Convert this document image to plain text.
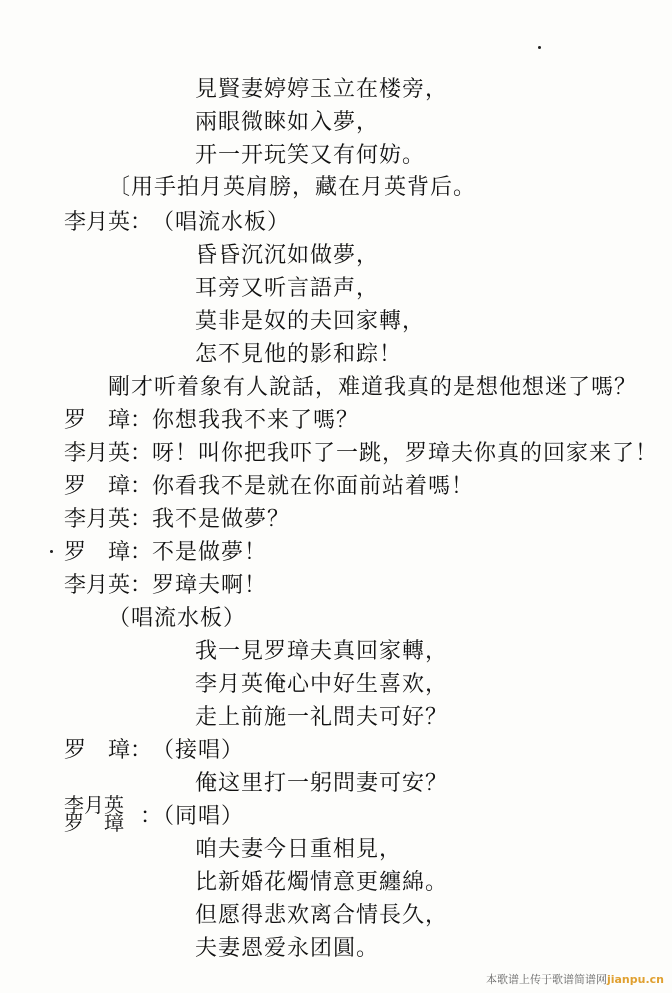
見賢妻婷婷玉立在楼旁，
兩眼微睞如入夢，
开一开玩笑又有何妨。
〔用手拍月英肩膀，藏在月英背后。
李月英： （唱流水板）
昏昏沉沉如做夢，
耳旁又听言語声，
莫非是奴的夫回家轉，
怎不見他的影和踪！
剛才听着象有人說話，难道我真的是想他想迷了嗎？
罗　璋： 你想我我不来了嗎？
李月英： 呀！叫你把我吓了一跳，罗璋夫你真的回家来了！
罗　璋： 你看我不是就在你面前站着嗎！
李月英： 我不是做夢？
罗　璋： 不是做夢！
李月英： 罗璋夫啊！
（唱流水板）
我一見罗璋夫真回家轉，
李月英俺心中好生喜欢，
走上前施一礼問夫可好？
罗　璋： （接唱）
俺这里打一躬問妻可安？
李月英
罗　璋 ：（同唱）
咱夫妻今日重相見，
比新婚花燭情意更纏綿。
但愿得悲欢离合情長久，
夫妻恩爱永团圓。
本歌谱上传于歌谱简谱网jianpu.cn
